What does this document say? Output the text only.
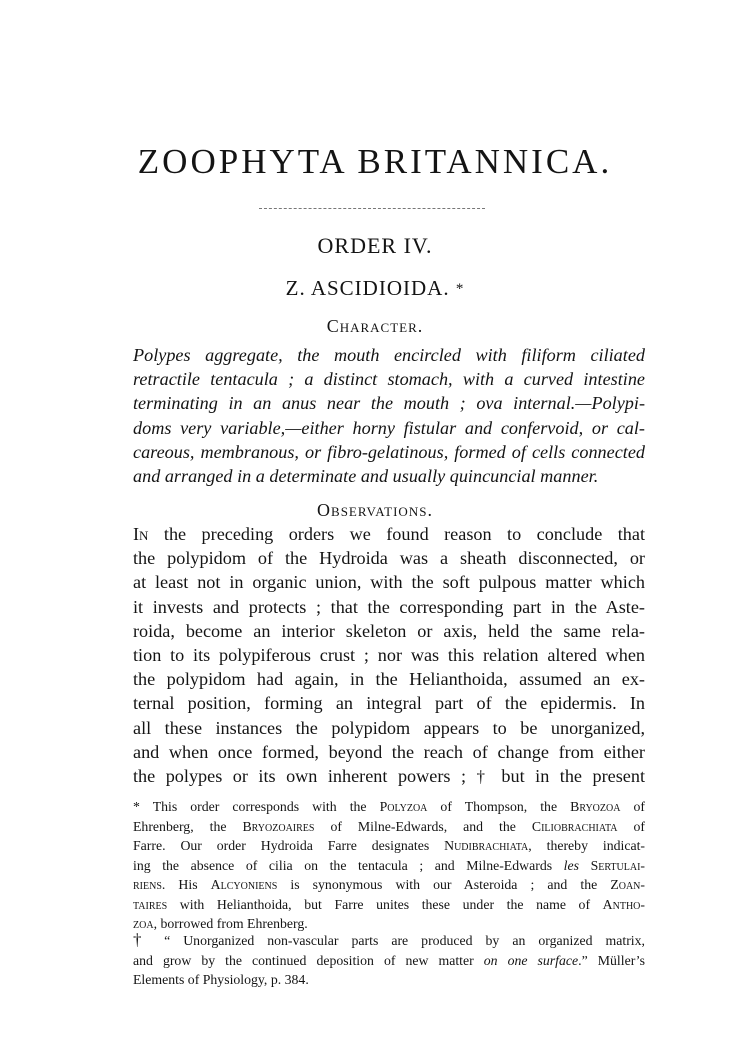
ZOOPHYTA BRITANNICA.
ORDER IV.
Z. ASCIDIOIDA. *
Character.
Polypes aggregate, the mouth encircled with filiform ciliated
retractile tentacula ; a distinct stomach, with a curved intestine
terminating in an anus near the mouth ; ova internal.—Polypi-
doms very variable,—either horny fistular and confervoid, or cal-
careous, membranous, or fibro-gelatinous, formed of cells connected
and arranged in a determinate and usually quincuncial manner.
Observations.
In the preceding orders we found reason to conclude that
the polypidom of the Hydroida was a sheath disconnected, or
at least not in organic union, with the soft pulpous matter which
it invests and protects ; that the corresponding part in the Aste-
roida, become an interior skeleton or axis, held the same rela-
tion to its polypiferous crust ; nor was this relation altered when
the polypidom had again, in the Helianthoida, assumed an ex-
ternal position, forming an integral part of the epidermis. In
all these instances the polypidom appears to be unorganized,
and when once formed, beyond the reach of change from either
the polypes or its own inherent powers ; † but in the present
* This order corresponds with the Polyzoa of Thompson, the Bryozoa of
Ehrenberg, the Bryozoaires of Milne-Edwards, and the Ciliobrachiata of
Farre. Our order Hydroida Farre designates Nudibrachiata, thereby indicat-
ing the absence of cilia on the tentacula ; and Milne-Edwards les Sertulai-
riens. His Alcyoniens is synonymous with our Asteroida ; and the Zoan-
taires with Helianthoida, but Farre unites these under the name of Antho-
zoa, borrowed from Ehrenberg.
† “ Unorganized non-vascular parts are produced by an organized matrix,
and grow by the continued deposition of new matter on one surface.” Müller’s
Elements of Physiology, p. 384.
